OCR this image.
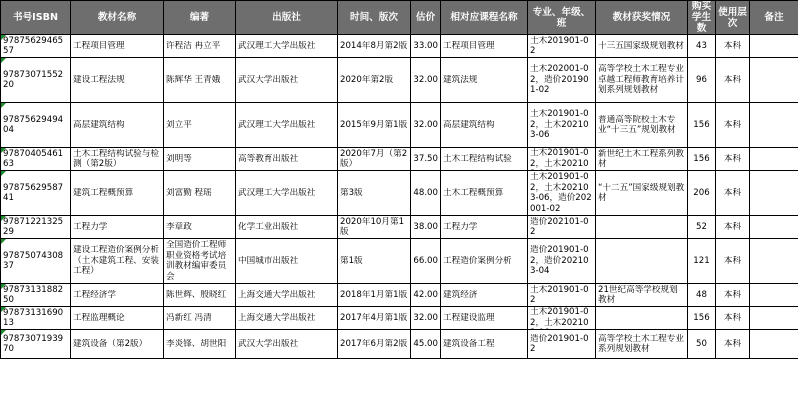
书号ISBN	教材名称	编著	出版社	时间、版次	估价	相对应课程名称	专业、年级、班	教材获奖情况	购买学生数	使用层次	备注

9787562946557	工程项目管理	许程洁 冉立平	武汉理工大学出版社	2014年8月第2版	33.00	工程项目管理	土木201901-02	十三五国家级规划教材	43	本科	

9787307155220	建设工程法规	陈辉华 王青娥	武汉大学出版社	2020年第2版	32.00	建筑法规	土木202001-02，造价201901-02	高等学校土木工程专业卓越工程师教育培养计划系列规划教材	96	本科	

9787562949404	高层建筑结构	刘立平	武汉理工大学出版社	2015年9月第1版	32.00	高层建筑结构	土木201901-02，土木202103-06	普通高等院校土木专业“十三五”规划教材	156	本科	

9787040546163	土木工程结构试验与检测（第2版）	刘明等	高等教育出版社	2020年7月（第2版）	37.50	土木工程结构试验	土木201901-02，土木20210	新世纪土木工程系列教材	156	本科	

9787562958741	建筑工程概预算	刘富勤 程瑶	武汉理工大学出版社	第3版	48.00	土木工程概预算	土木201901-02，土木202103-06，造价202001-02	“十二五”国家级规划教材	206	本科	

9787122132529	工程力学	李章政	化学工业出版社	2020年10月第1版	38.00	工程力学	造价202101-02		52	本科	

9787507430837	建设工程造价案例分析（土木建筑工程、安装工程）	全国造价工程师职业资格考试培训教材编审委员会	中国城市出版社	第1版	66.00	工程造价案例分析	造价201901-02，造价202103-04		121	本科	

9787313188250	工程经济学	陈世辉、殷晓红	上海交通大学出版社	2018年1月第1版	42.00	建筑经济	土木201901-02	21世纪高等学校规划教材	48	本科	

9787313169013	工程监理概论	冯新红 冯清	上海交通大学出版社	2017年4月第1版	32.00	工程建设监理	土木201901-02，土木20210		156	本科	

9787307193970	建筑设备（第2版）	李炎锋、胡世阳	武汉大学出版社	2017年6月第2版	45.00	建筑设备工程	造价201901-02	高等学校土木工程专业系列规划教材	50	本科	
